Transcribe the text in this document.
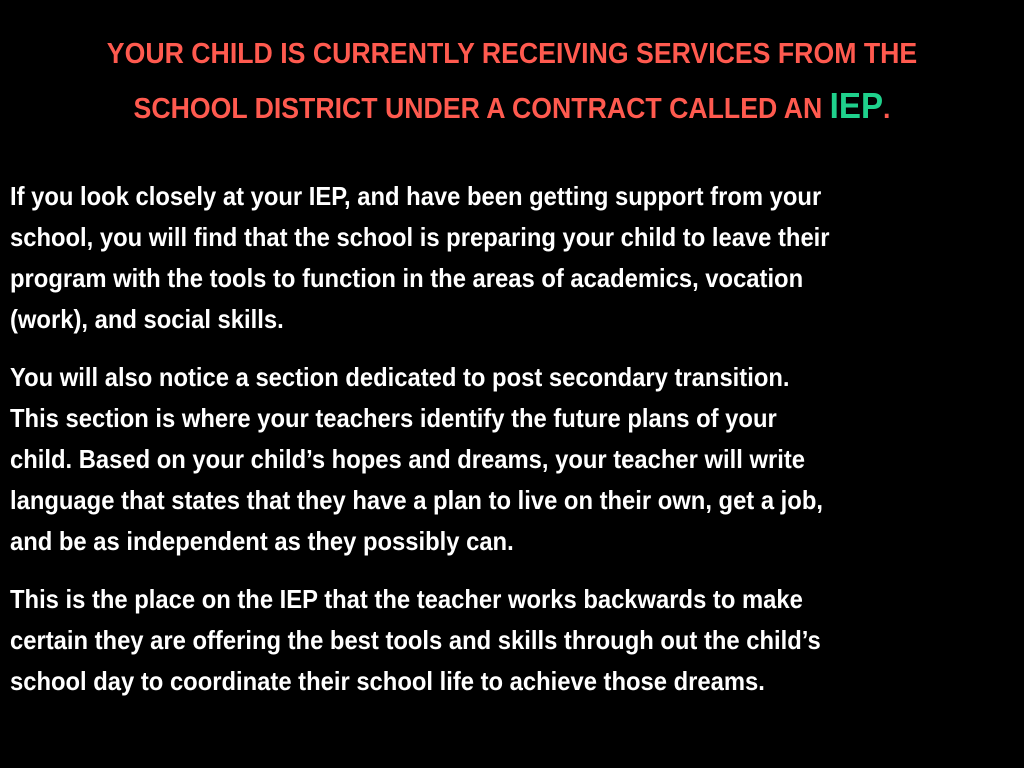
YOUR CHILD IS CURRENTLY RECEIVING SERVICES FROM THE
SCHOOL DISTRICT UNDER A CONTRACT CALLED AN IEP.

If you look closely at your IEP, and have been getting support from your
school, you will find that the school is preparing your child to leave their
program with the tools to function in the areas of academics, vocation
(work), and social skills.

You will also notice a section dedicated to post secondary transition.
This section is where your teachers identify the future plans of your
child. Based on your child’s hopes and dreams, your teacher will write
language that states that they have a plan to live on their own, get a job,
and be as independent as they possibly can.

This is the place on the IEP that the teacher works backwards to make
certain they are offering the best tools and skills through out the child’s
school day to coordinate their school life to achieve those dreams.
